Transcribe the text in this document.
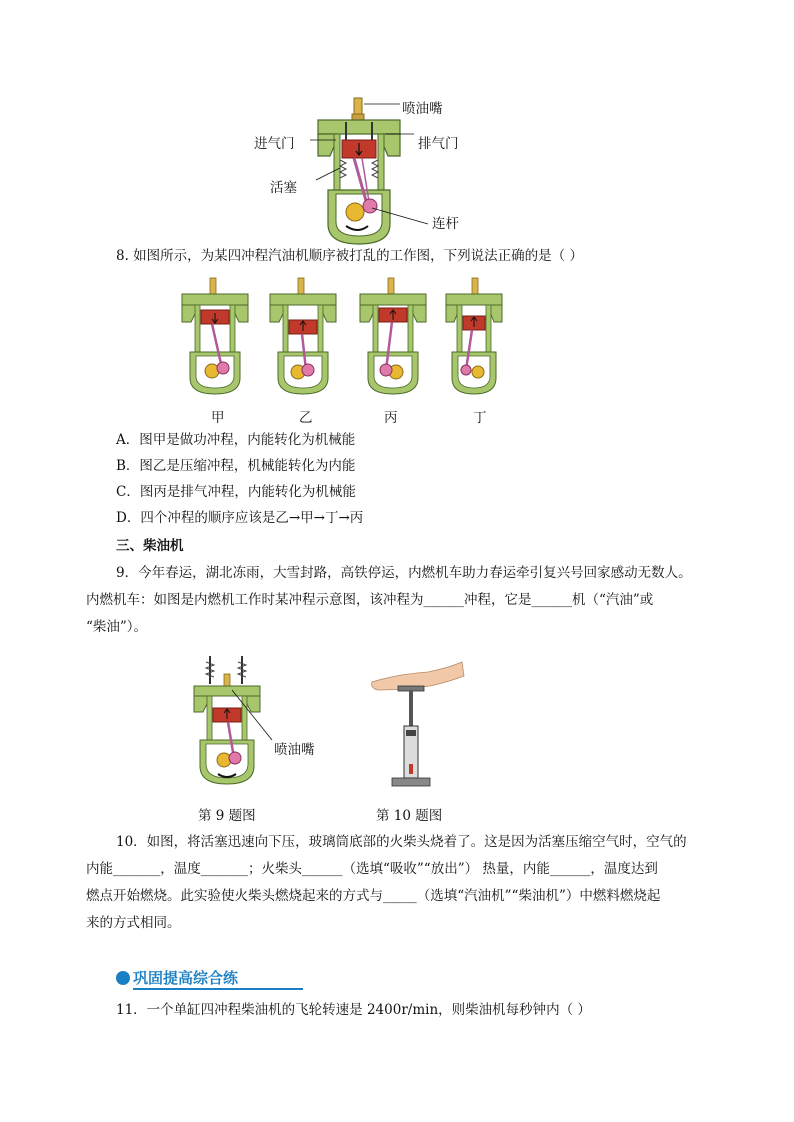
喷油嘴
进气门	排气门
活塞
连杆
8. 如图所示，为某四冲程汽油机顺序被打乱的工作图，下列说法正确的是（ ）
甲	乙	丙	丁
A．图甲是做功冲程，内能转化为机械能
B．图乙是压缩冲程，机械能转化为内能
C．图丙是排气冲程，内能转化为机械能
D．四个冲程的顺序应该是乙→甲→丁→丙
三、柴油机
9．今年春运，湖北冻雨，大雪封路，高铁停运，内燃机车助力春运牵引复兴号回家感动无数人。
内燃机车：如图是内燃机工作时某冲程示意图，该冲程为______冲程，它是______机（“汽油”或
“柴油”）。
喷油嘴
第 9 题图	第 10 题图
10．如图，将活塞迅速向下压，玻璃筒底部的火柴头烧着了。这是因为活塞压缩空气时，空气的
内能_______，温度_______；火柴头______（选填“吸收”“放出”） 热量，内能______，温度达到
燃点开始燃烧。此实验使火柴头燃烧起来的方式与_____（选填“汽油机”“柴油机”）中燃料燃烧起
来的方式相同。
巩固提高综合练
11．一个单缸四冲程柴油机的飞轮转速是 2400r/min，则柴油机每秒钟内（ ）
